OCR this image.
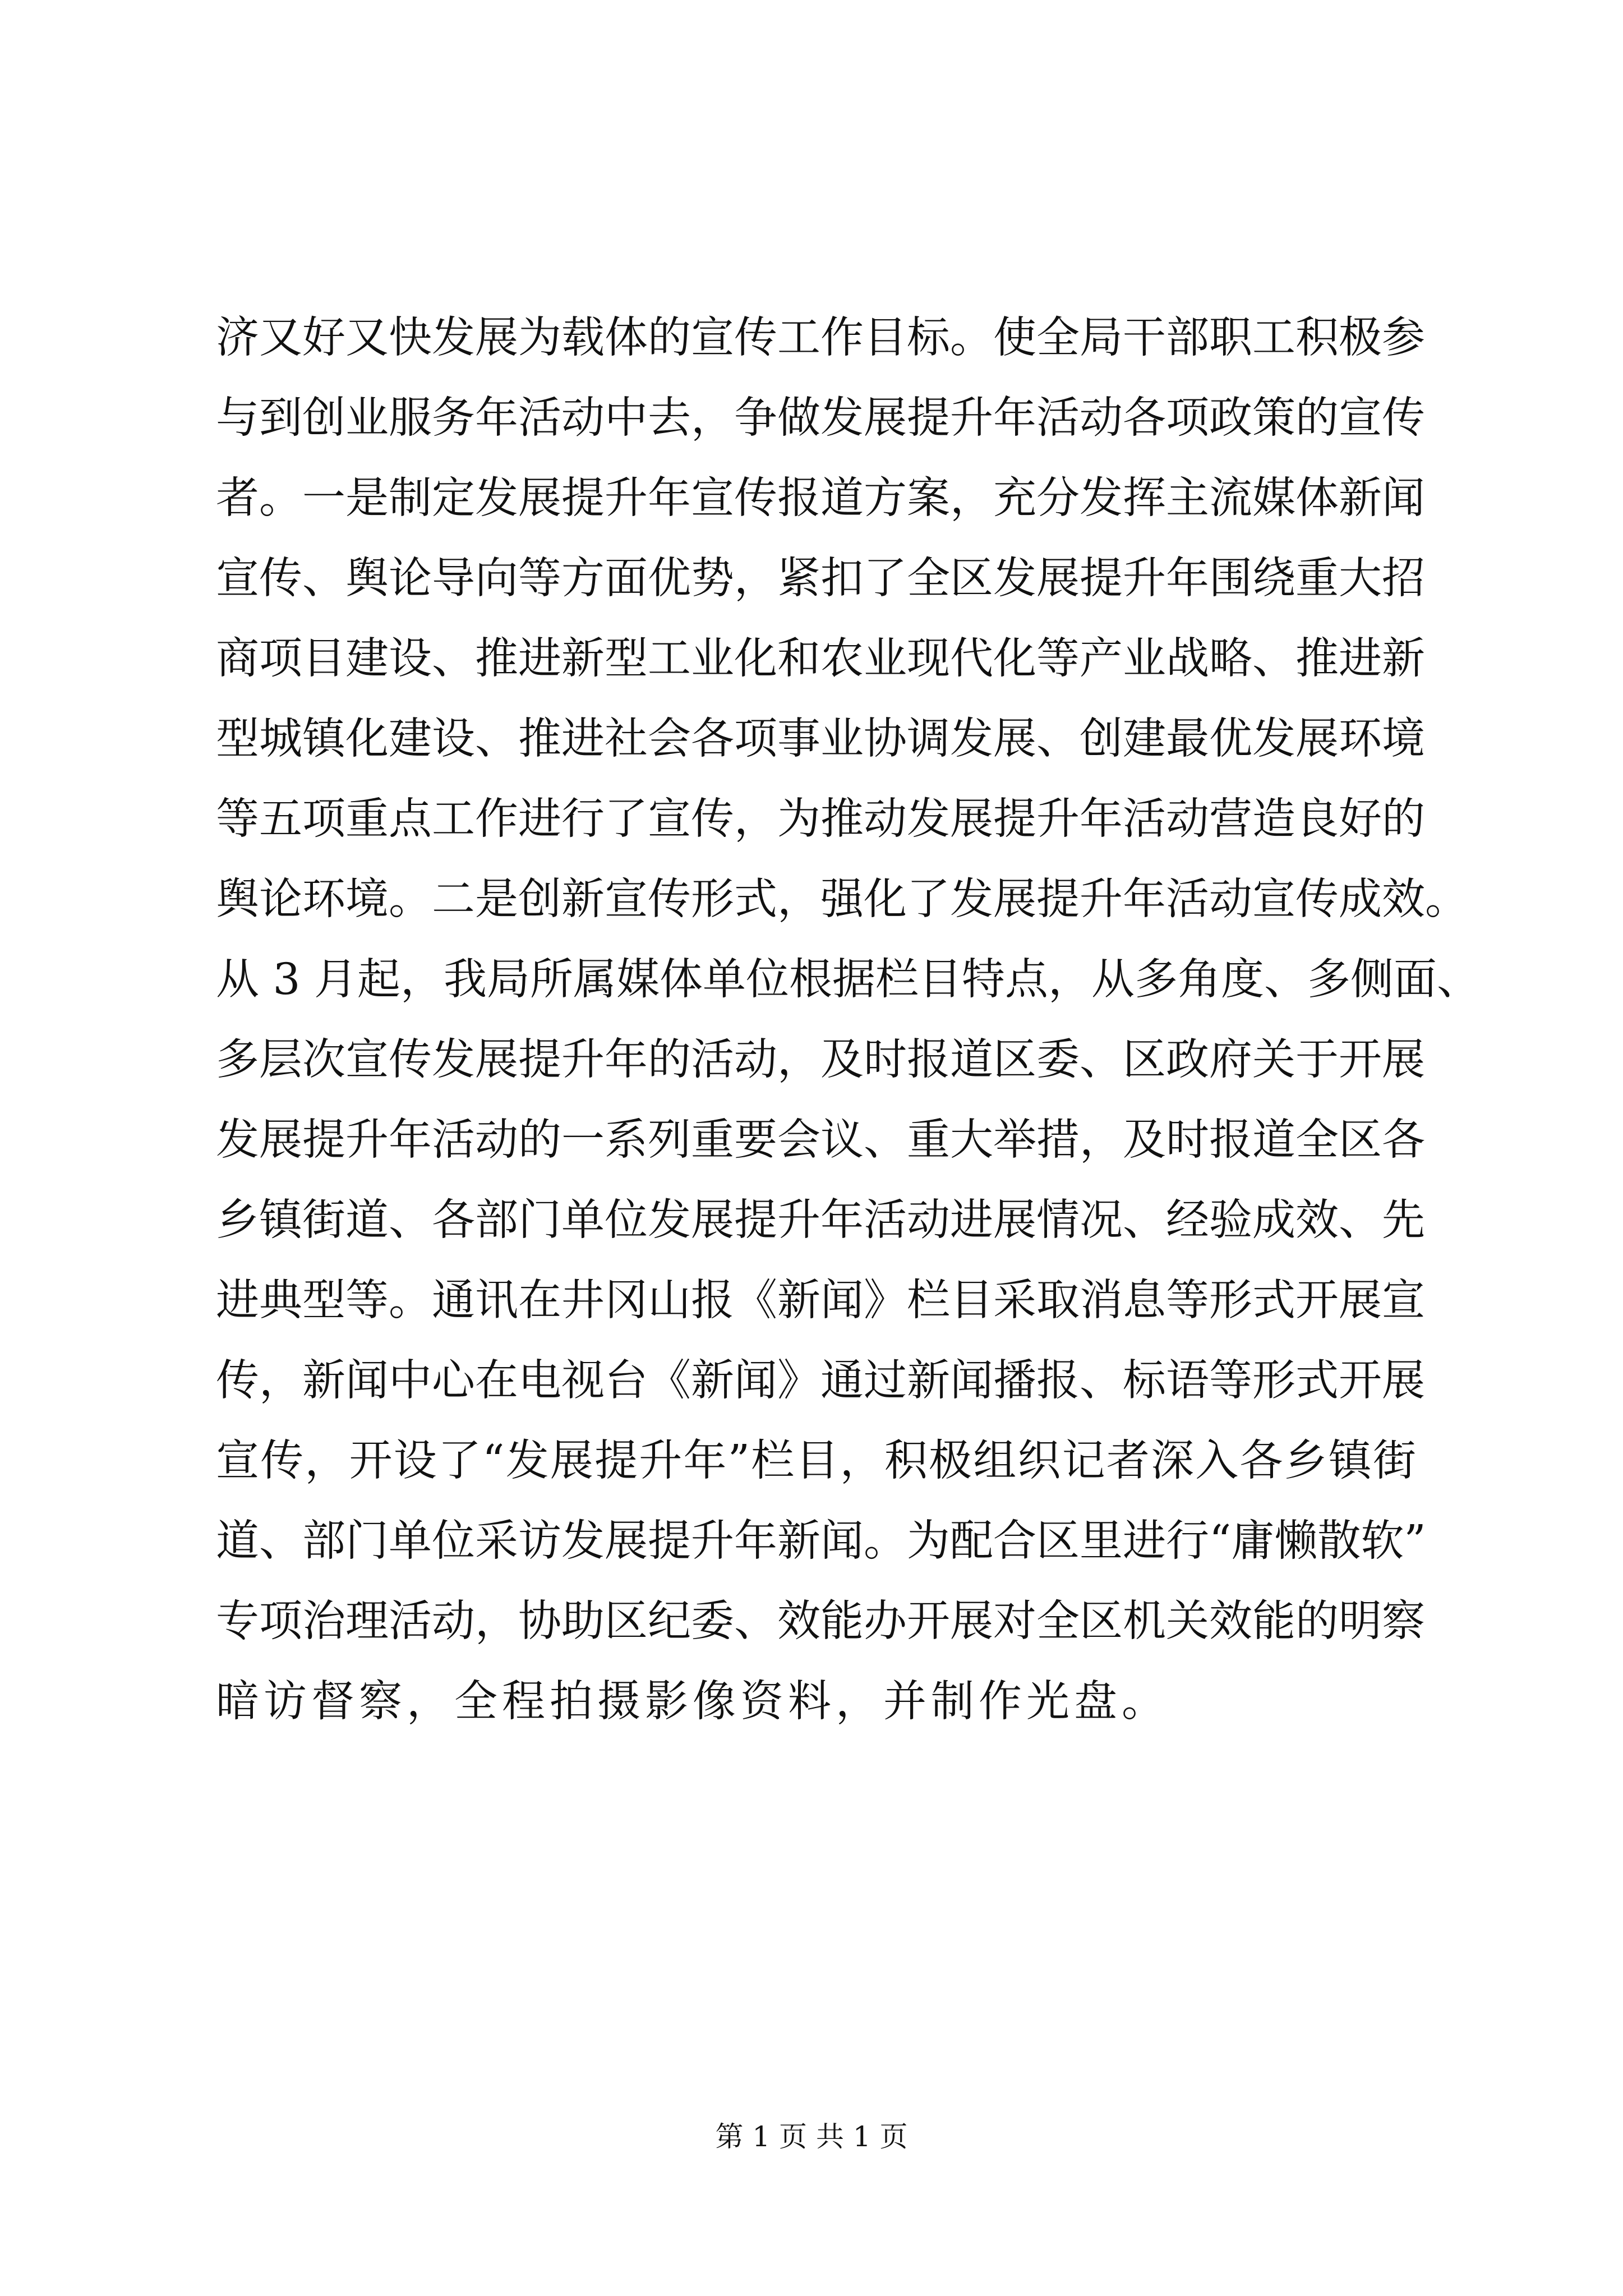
济又好又快发展为载体的宣传工作目标。使全局干部职工积极参
与到创业服务年活动中去，争做发展提升年活动各项政策的宣传
者。一是制定发展提升年宣传报道方案，充分发挥主流媒体新闻
宣传、舆论导向等方面优势，紧扣了全区发展提升年围绕重大招
商项目建设、推进新型工业化和农业现代化等产业战略、推进新
型城镇化建设、推进社会各项事业协调发展、创建最优发展环境
等五项重点工作进行了宣传，为推动发展提升年活动营造良好的
舆论环境。二是创新宣传形式，强化了发展提升年活动宣传成效。
从 3 月起，我局所属媒体单位根据栏目特点，从多角度、多侧面、
多层次宣传发展提升年的活动，及时报道区委、区政府关于开展
发展提升年活动的一系列重要会议、重大举措，及时报道全区各
乡镇街道、各部门单位发展提升年活动进展情况、经验成效、先
进典型等。通讯在井冈山报《新闻》栏目采取消息等形式开展宣
传，新闻中心在电视台《新闻》通过新闻播报、标语等形式开展
宣传，开设了“发展提升年”栏目，积极组织记者深入各乡镇街
道、部门单位采访发展提升年新闻。为配合区里进行“庸懒散软”
专项治理活动，协助区纪委、效能办开展对全区机关效能的明察
暗访督察，全程拍摄影像资料，并制作光盘。
第 1 页 共 1 页
